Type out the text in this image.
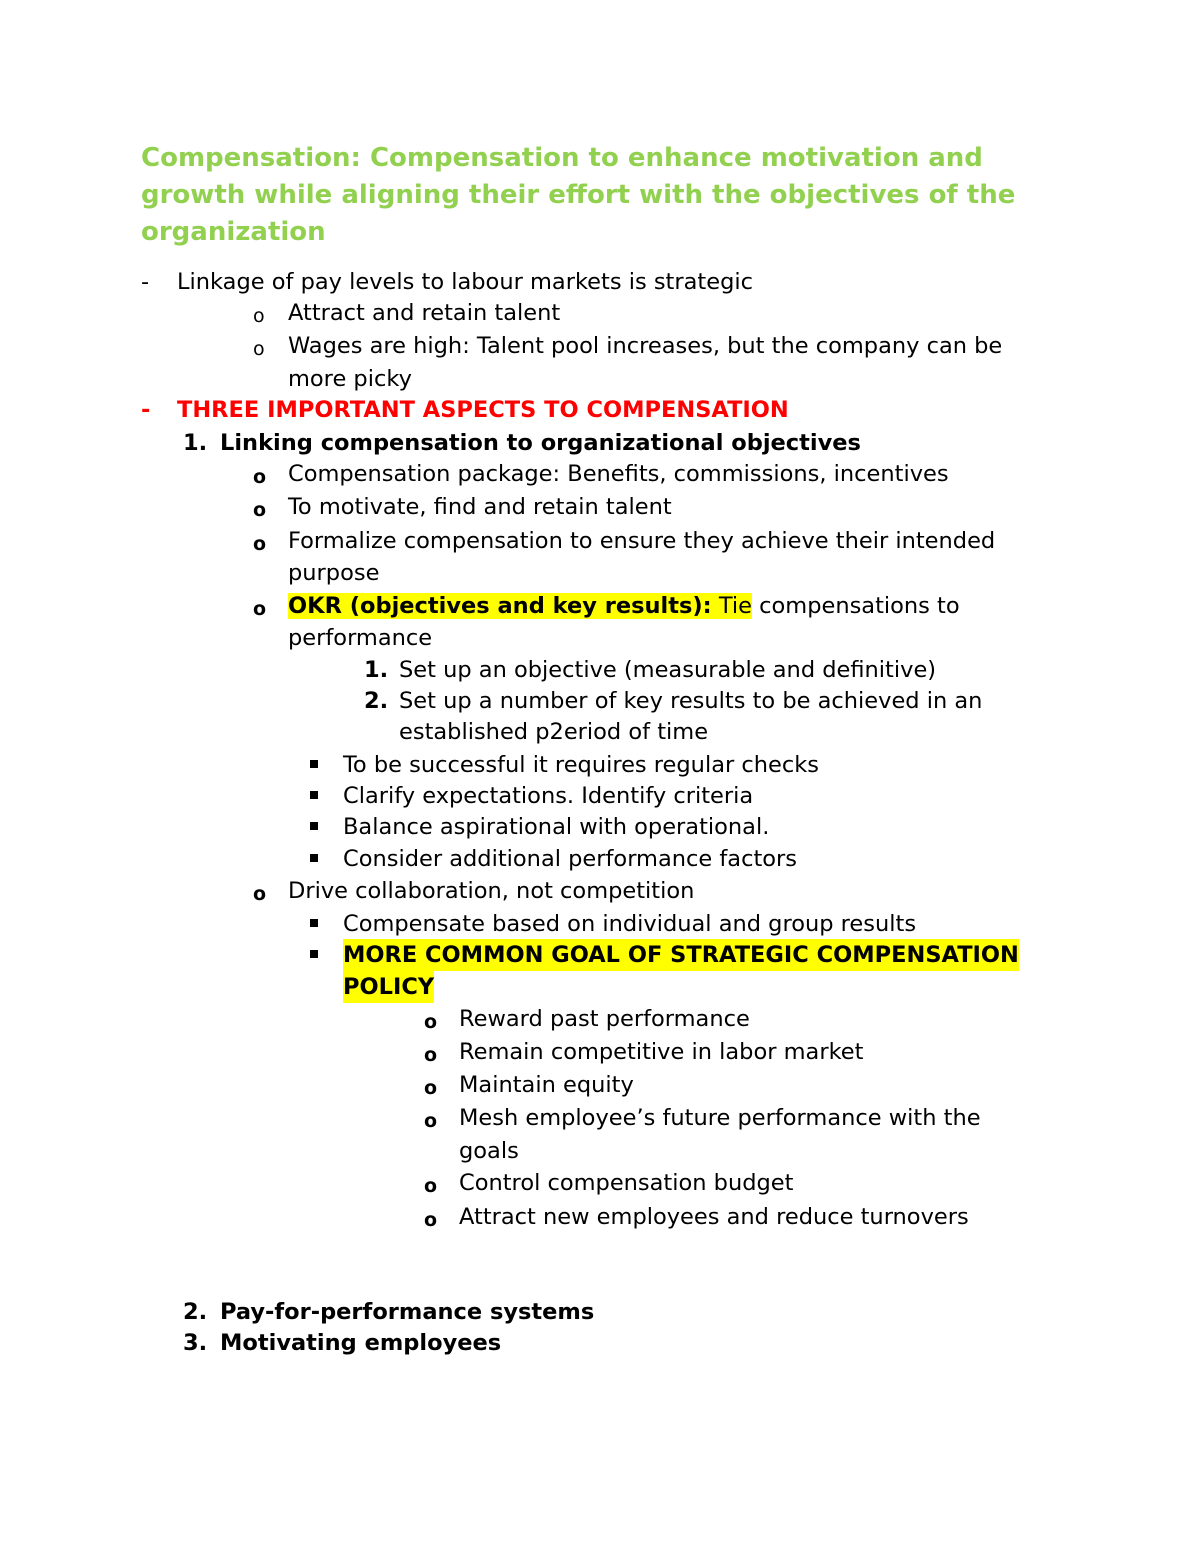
Compensation: Compensation to enhance motivation and growth while aligning their effort with the objectives of the organization
- Linkage of pay levels to labour markets is strategic
o Attract and retain talent
o Wages are high: Talent pool increases, but the company can be
more picky
- THREE IMPORTANT ASPECTS TO COMPENSATION
1. Linking compensation to organizational objectives
o Compensation package: Benefits, commissions, incentives
o To motivate, find and retain talent
o Formalize compensation to ensure they achieve their intended
purpose
o OKR (objectives and key results): Tie compensations to
performance
1. Set up an objective (measurable and definitive)
2. Set up a number of key results to be achieved in an
established p2eriod of time
To be successful it requires regular checks
Clarify expectations. Identify criteria
Balance aspirational with operational.
Consider additional performance factors
o Drive collaboration, not competition
Compensate based on individual and group results
MORE COMMON GOAL OF STRATEGIC COMPENSATION
POLICY
o Reward past performance
o Remain competitive in labor market
o Maintain equity
o Mesh employee’s future performance with the
goals
o Control compensation budget
o Attract new employees and reduce turnovers
2. Pay-for-performance systems
3. Motivating employees
